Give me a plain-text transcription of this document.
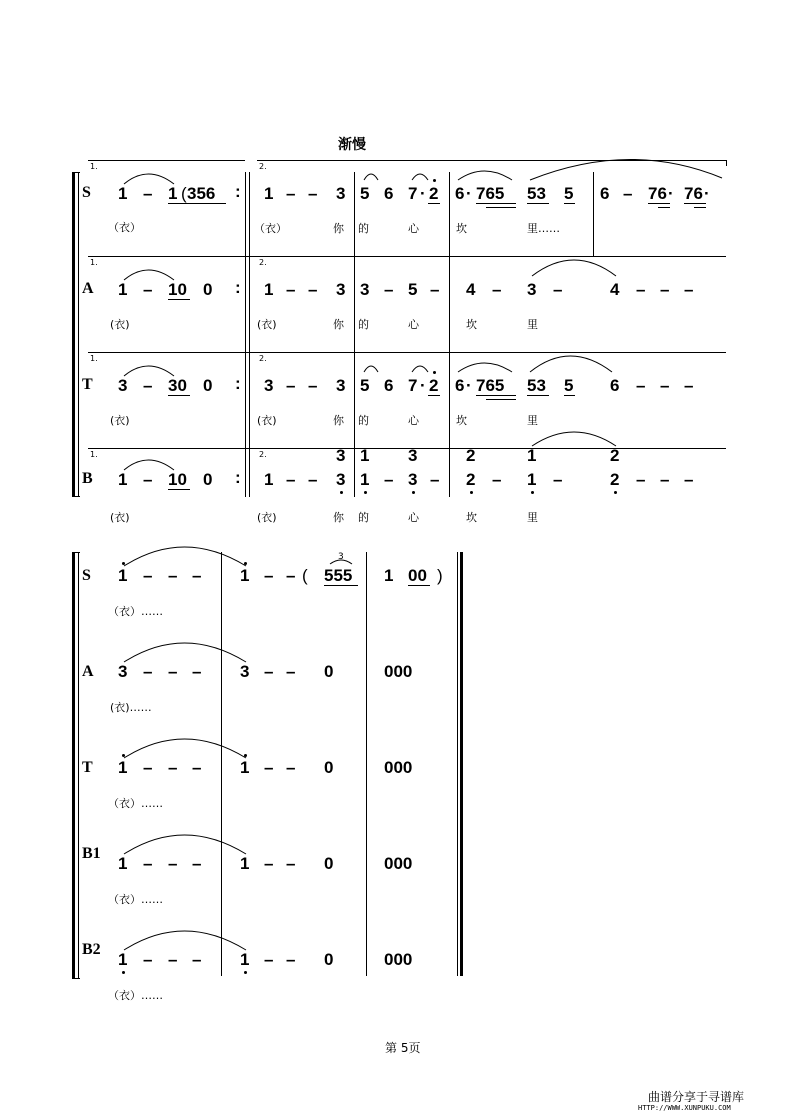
渐慢
1.	2.
1.	2.
1.	2.
1.	2.
S
A
T
B
1 – 1 ( 356 : 1 – – 3 5 6 7 · 2 6 · 765 53 5 6 – 76 · 76 ·
（衣）	（衣）	你 的	心	坎	里……
1 – 10 0 : 1 – – 3 3 – 5 – 4 – 3 –	4 – – –
(衣)	(衣)	你 的	心	坎	里
3 – 30 0 : 3 – – 3 5 6 7 · 2 6 · 765 53 5 6 – – –
(衣)	(衣)	你 的	心	坎	里
1 – 10 0 : 1 – – 3
3
1
1
– 3
3
– 2
2
– 1
1
–	2
2
– – –
(衣)	(衣)	你 的	心	坎	里
S
A
T
B1
B2
1 – – – 1 – – ( 555
3
1 00 )
（衣）……
3 – – – 3 – – 0	000
(衣)……
1 – – – 1 – – 0	000
（衣）……
1 – – – 1 – – 0	000
（衣）……
1 – – – 1 – – 0	000
（衣）……
第 5页
曲谱分享于寻谱库
HTTP://WWW.XUNPUKU.COM
